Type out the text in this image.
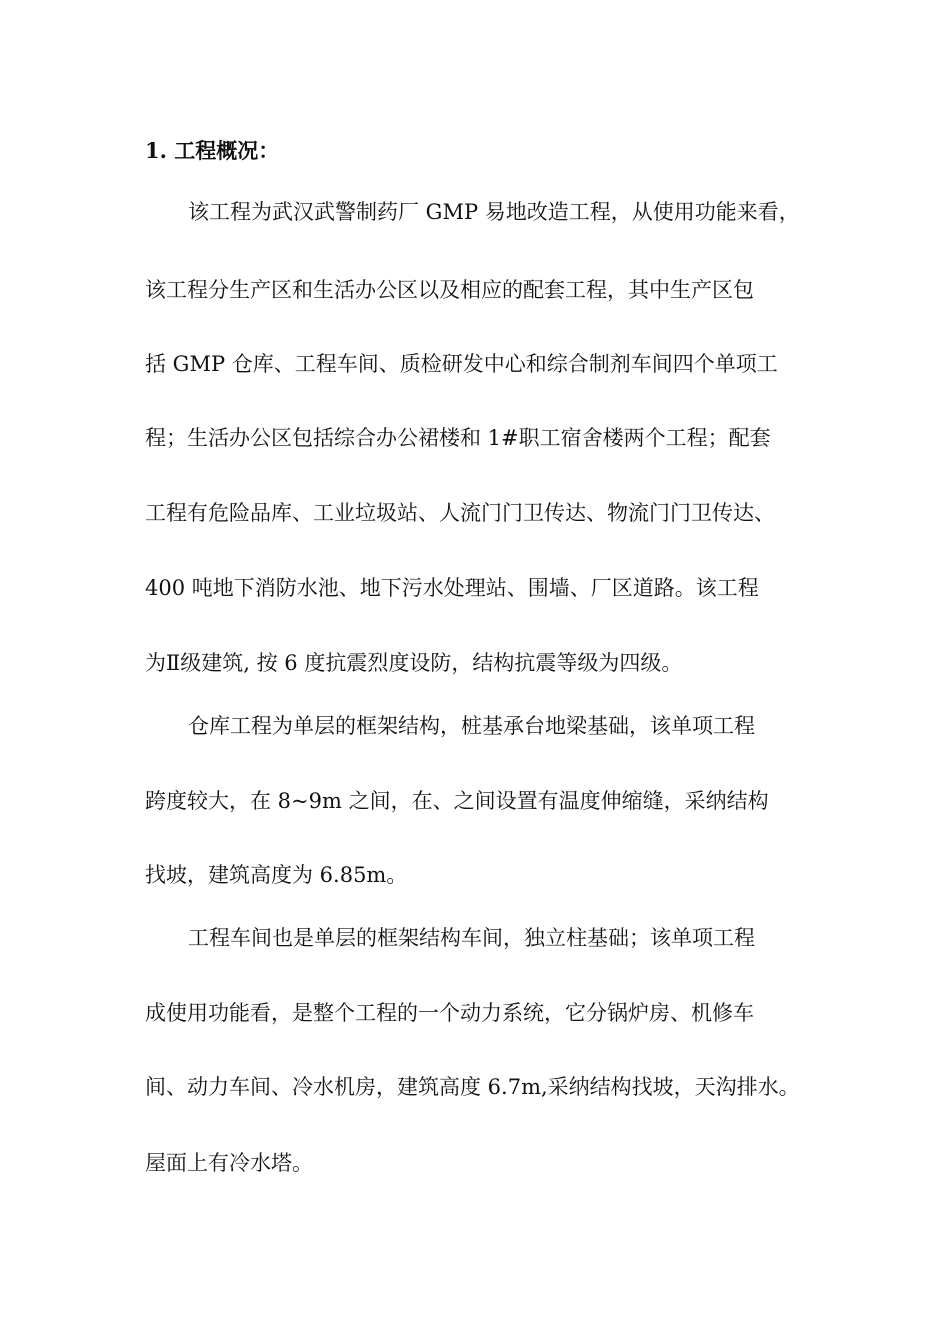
1. 工程概况：
该工程为武汉武警制药厂 GMP 易地改造工程，从使用功能来看，
该工程分生产区和生活办公区以及相应的配套工程，其中生产区包
括 GMP 仓库、工程车间、质检研发中心和综合制剂车间四个单项工
程；生活办公区包括综合办公裙楼和 1#职工宿舍楼两个工程；配套
工程有危险品库、工业垃圾站、人流门门卫传达、物流门门卫传达、
400 吨地下消防水池、地下污水处理站、围墙、厂区道路。该工程
为Ⅱ级建筑, 按 6 度抗震烈度设防，结构抗震等级为四级。
仓库工程为单层的框架结构，桩基承台地梁基础，该单项工程
跨度较大，在 8~9m 之间，在、之间设置有温度伸缩缝，采纳结构
找坡，建筑高度为 6.85m。
工程车间也是单层的框架结构车间，独立柱基础；该单项工程
成使用功能看，是整个工程的一个动力系统，它分锅炉房、机修车
间、动力车间、冷水机房，建筑高度 6.7m,采纳结构找坡，天沟排水。
屋面上有冷水塔。
